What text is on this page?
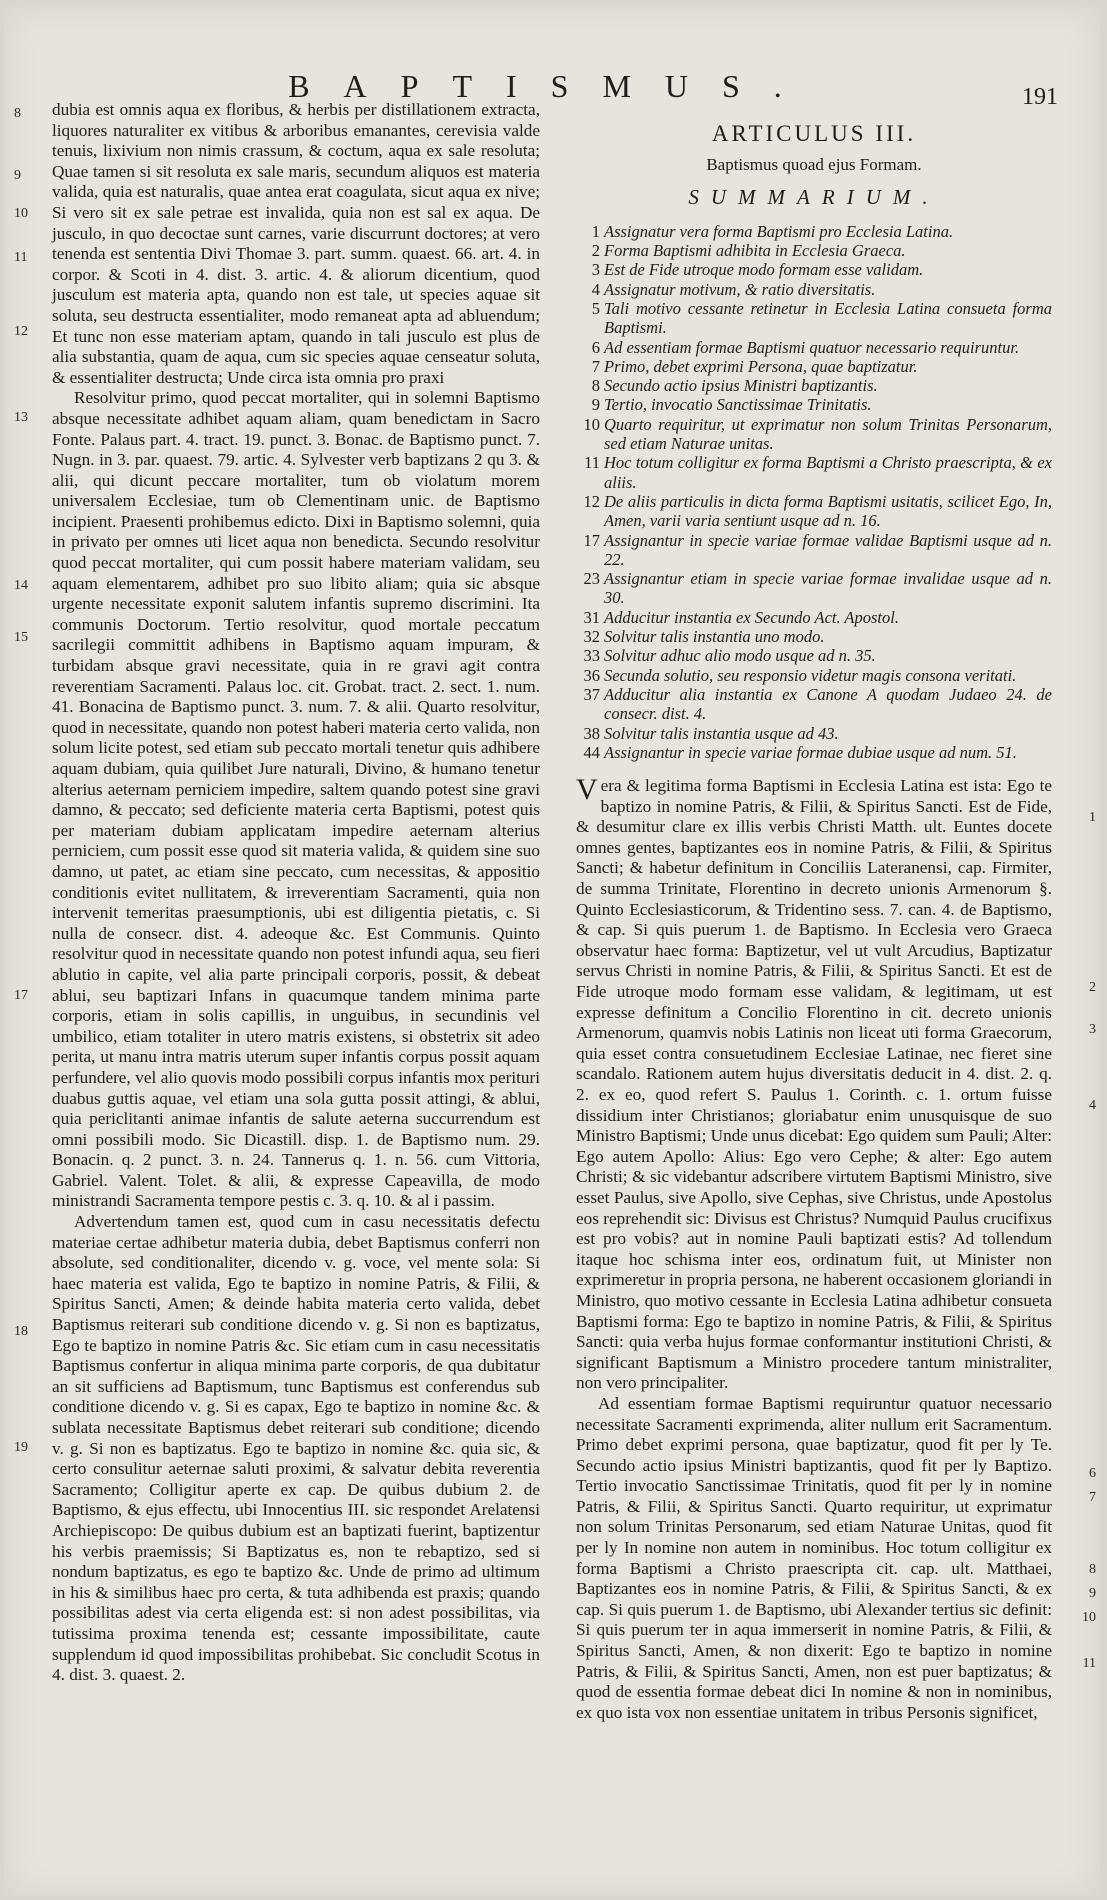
BAPTISMUS.	191

dubia est omnis aqua ex floribus, & herbis per distillationem extracta, liquores naturaliter ex vitibus & arboribus emanantes, cerevisia valde tenuis, lixivium non nimis crassum, & coctum, aqua ex sale resoluta; Quae tamen si sit resoluta ex sale maris, secundum aliquos est materia valida, quia est naturalis, quae antea erat coagulata, sicut aqua ex nive; Si vero sit ex sale petrae est invalida, quia non est sal ex aqua. De jusculo, in quo decoctae sunt carnes, varie discurrunt doctores; at vero tenenda est sententia Divi Thomae 3. part. summ. quaest. 66. art. 4. in corpor. & Scoti in 4. dist. 3. artic. 4. & aliorum dicentium, quod jusculum est materia apta, quando non est tale, ut species aquae sit soluta, seu destructa essentialiter, modo remaneat apta ad abluendum; Et tunc non esse materiam aptam, quando in tali jusculo est plus de alia substantia, quam de aqua, cum sic species aquae censeatur soluta, & essentialiter destructa; Unde circa ista omnia pro praxi

Resolvitur primo, quod peccat mortaliter, qui in solemni Baptismo absque necessitate adhibet aquam aliam, quam benedictam in Sacro Fonte. Palaus part. 4. tract. 19. punct. 3. Bonac. de Baptismo punct. 7. Nugn. in 3. par. quaest. 79. artic. 4. Sylvester verb baptizans 2 qu 3. & alii, qui dicunt peccare mortaliter, tum ob violatum morem universalem Ecclesiae, tum ob Clementinam unic. de Baptismo incipient. Praesenti prohibemus edicto. Dixi in Baptismo solemni, quia in privato per omnes uti licet aqua non benedicta. Secundo resolvitur quod peccat mortaliter, qui cum possit habere materiam validam, seu aquam elementarem, adhibet pro suo libito aliam; quia sic absque urgente necessitate exponit salutem infantis supremo discrimini. Ita communis Doctorum. Tertio resolvitur, quod mortale peccatum sacrilegii committit adhibens in Baptismo aquam impuram, & turbidam absque gravi necessitate, quia in re gravi agit contra reverentiam Sacramenti. Palaus loc. cit. Grobat. tract. 2. sect. 1. num. 41. Bonacina de Baptismo punct. 3. num. 7. & alii. Quarto resolvitur, quod in necessitate, quando non potest haberi materia certo valida, non solum licite potest, sed etiam sub peccato mortali tenetur quis adhibere aquam dubiam, quia quilibet Jure naturali, Divino, & humano tenetur alterius aeternam perniciem impedire, saltem quando potest sine gravi damno, & peccato; sed deficiente materia certa Baptismi, potest quis per materiam dubiam applicatam impedire aeternam alterius perniciem, cum possit esse quod sit materia valida, & quidem sine suo damno, ut patet, ac etiam sine peccato, cum necessitas, & appositio conditionis evitet nullitatem, & irreverentiam Sacramenti, quia non intervenit temeritas praesumptionis, ubi est diligentia pietatis, c. Si nulla de consecr. dist. 4. adeoque &c. Est Communis. Quinto resolvitur quod in necessitate quando non potest infundi aqua, seu fieri ablutio in capite, vel alia parte principali corporis, possit, & debeat ablui, seu baptizari Infans in quacumque tandem minima parte corporis, etiam in solis capillis, in unguibus, in secundinis vel umbilico, etiam totaliter in utero matris existens, si obstetrix sit adeo perita, ut manu intra matris uterum super infantis corpus possit aquam perfundere, vel alio quovis modo possibili corpus infantis mox perituri duabus guttis aquae, vel etiam una sola gutta possit attingi, & ablui, quia periclitanti animae infantis de salute aeterna succurrendum est omni possibili modo. Sic Dicastill. disp. 1. de Baptismo num. 29. Bonacin. q. 2 punct. 3. n. 24. Tannerus q. 1. n. 56. cum Vittoria, Gabriel. Valent. Tolet. & alii, & expresse Capeavilla, de modo ministrandi Sacramenta tempore pestis c. 3. q. 10. & al i passim.

Advertendum tamen est, quod cum in casu necessitatis defectu materiae certae adhibetur materia dubia, debet Baptismus conferri non absolute, sed conditionaliter, dicendo v. g. voce, vel mente sola: Si haec materia est valida, Ego te baptizo in nomine Patris, & Filii, & Spiritus Sancti, Amen; & deinde habita materia certo valida, debet Baptismus reiterari sub conditione dicendo v. g. Si non es baptizatus, Ego te baptizo in nomine Patris &c. Sic etiam cum in casu necessitatis Baptismus confertur in aliqua minima parte corporis, de qua dubitatur an sit sufficiens ad Baptismum, tunc Baptismus est conferendus sub conditione dicendo v. g. Si es capax, Ego te baptizo in nomine &c. & sublata necessitate Baptismus debet reiterari sub conditione; dicendo v. g. Si non es baptizatus. Ego te baptizo in nomine &c. quia sic, & certo consulitur aeternae saluti proximi, & salvatur debita reverentia Sacramento; Colligitur aperte ex cap. De quibus dubium 2. de Baptismo, & ejus effectu, ubi Innocentius III. sic respondet Arelatensi Archiepiscopo: De quibus dubium est an baptizati fuerint, baptizentur his verbis praemissis; Si Baptizatus es, non te rebaptizo, sed si nondum baptizatus, es ego te baptizo &c. Unde de primo ad ultimum in his & similibus haec pro certa, & tuta adhibenda est praxis; quando possibilitas adest via certa eligenda est: si non adest possibilitas, via tutissima proxima tenenda est; cessante impossibilitate, caute supplendum id quod impossibilitas prohibebat. Sic concludit Scotus in 4. dist. 3. quaest. 2.

8
9
10
11
12
13
14
15
17
18
19
ARTICULUS III.
Baptismus quoad ejus Formam.
SUMMARIUM.
1 Assignatur vera forma Baptismi pro Ecclesia Latina.
2 Forma Baptismi adhibita in Ecclesia Graeca.
3 Est de Fide utroque modo formam esse validam.
4 Assignatur motivum, & ratio diversitatis.
5 Tali motivo cessante retinetur in Ecclesia Latina consueta forma Baptismi.
6 Ad essentiam formae Baptismi quatuor necessario requiruntur.
7 Primo, debet exprimi Persona, quae baptizatur.
8 Secundo actio ipsius Ministri baptizantis.
9 Tertio, invocatio Sanctissimae Trinitatis.
10 Quarto requiritur, ut exprimatur non solum Trinitas Personarum, sed etiam Naturae unitas.
11 Hoc totum colligitur ex forma Baptismi a Christo praescripta, & ex aliis.
12 De aliis particulis in dicta forma Baptismi usitatis, scilicet Ego, In, Amen, varii varia sentiunt usque ad n. 16.
17 Assignantur in specie variae formae validae Baptismi usque ad n. 22.
23 Assignantur etiam in specie variae formae invalidae usque ad n. 30.
31 Adducitur instantia ex Secundo Act. Apostol.
32 Solvitur talis instantia uno modo.
33 Solvitur adhuc alio modo usque ad n. 35.
36 Secunda solutio, seu responsio videtur magis consona veritati.
37 Adducitur alia instantia ex Canone A quodam Judaeo 24. de consecr. dist. 4.
38 Solvitur talis instantia usque ad 43.
44 Assignantur in specie variae formae dubiae usque ad num. 51.

Vera & legitima forma Baptismi in Ecclesia Latina est ista: Ego te baptizo in nomine Patris, & Filii, & Spiritus Sancti. Est de Fide, & desumitur clare ex illis verbis Christi Matth. ult. Euntes docete omnes gentes, baptizantes eos in nomine Patris, & Filii, & Spiritus Sancti; & habetur definitum in Conciliis Lateranensi, cap. Firmiter, de summa Trinitate, Florentino in decreto unionis Armenorum §. Quinto Ecclesiasticorum, & Tridentino sess. 7. can. 4. de Baptismo, & cap. Si quis puerum 1. de Baptismo. In Ecclesia vero Graeca observatur haec forma: Baptizetur, vel ut vult Arcudius, Baptizatur servus Christi in nomine Patris, & Filii, & Spiritus Sancti. Et est de Fide utroque modo formam esse validam, & legitimam, ut est expresse definitum a Concilio Florentino in cit. decreto unionis Armenorum, quamvis nobis Latinis non liceat uti forma Graecorum, quia esset contra consuetudinem Ecclesiae Latinae, nec fieret sine scandalo. Rationem autem hujus diversitatis deducit in 4. dist. 2. q. 2. ex eo, quod refert S. Paulus 1. Corinth. c. 1. ortum fuisse dissidium inter Christianos; gloriabatur enim unusquisque de suo Ministro Baptismi; Unde unus dicebat: Ego quidem sum Pauli; Alter: Ego autem Apollo: Alius: Ego vero Cephe; & alter: Ego autem Christi; & sic videbantur adscribere virtutem Baptismi Ministro, sive esset Paulus, sive Apollo, sive Cephas, sive Christus, unde Apostolus eos reprehendit sic: Divisus est Christus? Numquid Paulus crucifixus est pro vobis? aut in nomine Pauli baptizati estis? Ad tollendum itaque hoc schisma inter eos, ordinatum fuit, ut Minister non exprimeretur in propria persona, ne haberent occasionem gloriandi in Ministro, quo motivo cessante in Ecclesia Latina adhibetur consueta Baptismi forma: Ego te baptizo in nomine Patris, & Filii, & Spiritus Sancti: quia verba hujus formae conformantur institutioni Christi, & significant Baptismum a Ministro procedere tantum ministraliter, non vero principaliter.

Ad essentiam formae Baptismi requiruntur quatuor necessario necessitate Sacramenti exprimenda, aliter nullum erit Sacramentum. Primo debet exprimi persona, quae baptizatur, quod fit per ly Te. Secundo actio ipsius Ministri baptizantis, quod fit per ly Baptizo. Tertio invocatio Sanctissimae Trinitatis, quod fit per ly in nomine Patris, & Filii, & Spiritus Sancti. Quarto requiritur, ut exprimatur non solum Trinitas Personarum, sed etiam Naturae Unitas, quod fit per ly In nomine non autem in nominibus. Hoc totum colligitur ex forma Baptismi a Christo praescripta cit. cap. ult. Matthaei, Baptizantes eos in nomine Patris, & Filii, & Spiritus Sancti, & ex cap. Si quis puerum 1. de Baptismo, ubi Alexander tertius sic definit: Si quis puerum ter in aqua immerserit in nomine Patris, & Filii, & Spiritus Sancti, Amen, & non dixerit: Ego te baptizo in nomine Patris, & Filii, & Spiritus Sancti, Amen, non est puer baptizatus; & quod de essentia formae debeat dici In nomine & non in nominibus, ex quo ista vox non essentiae unitatem in tribus Personis significet,

1
2
3
4
6
7
8
9
10
11
